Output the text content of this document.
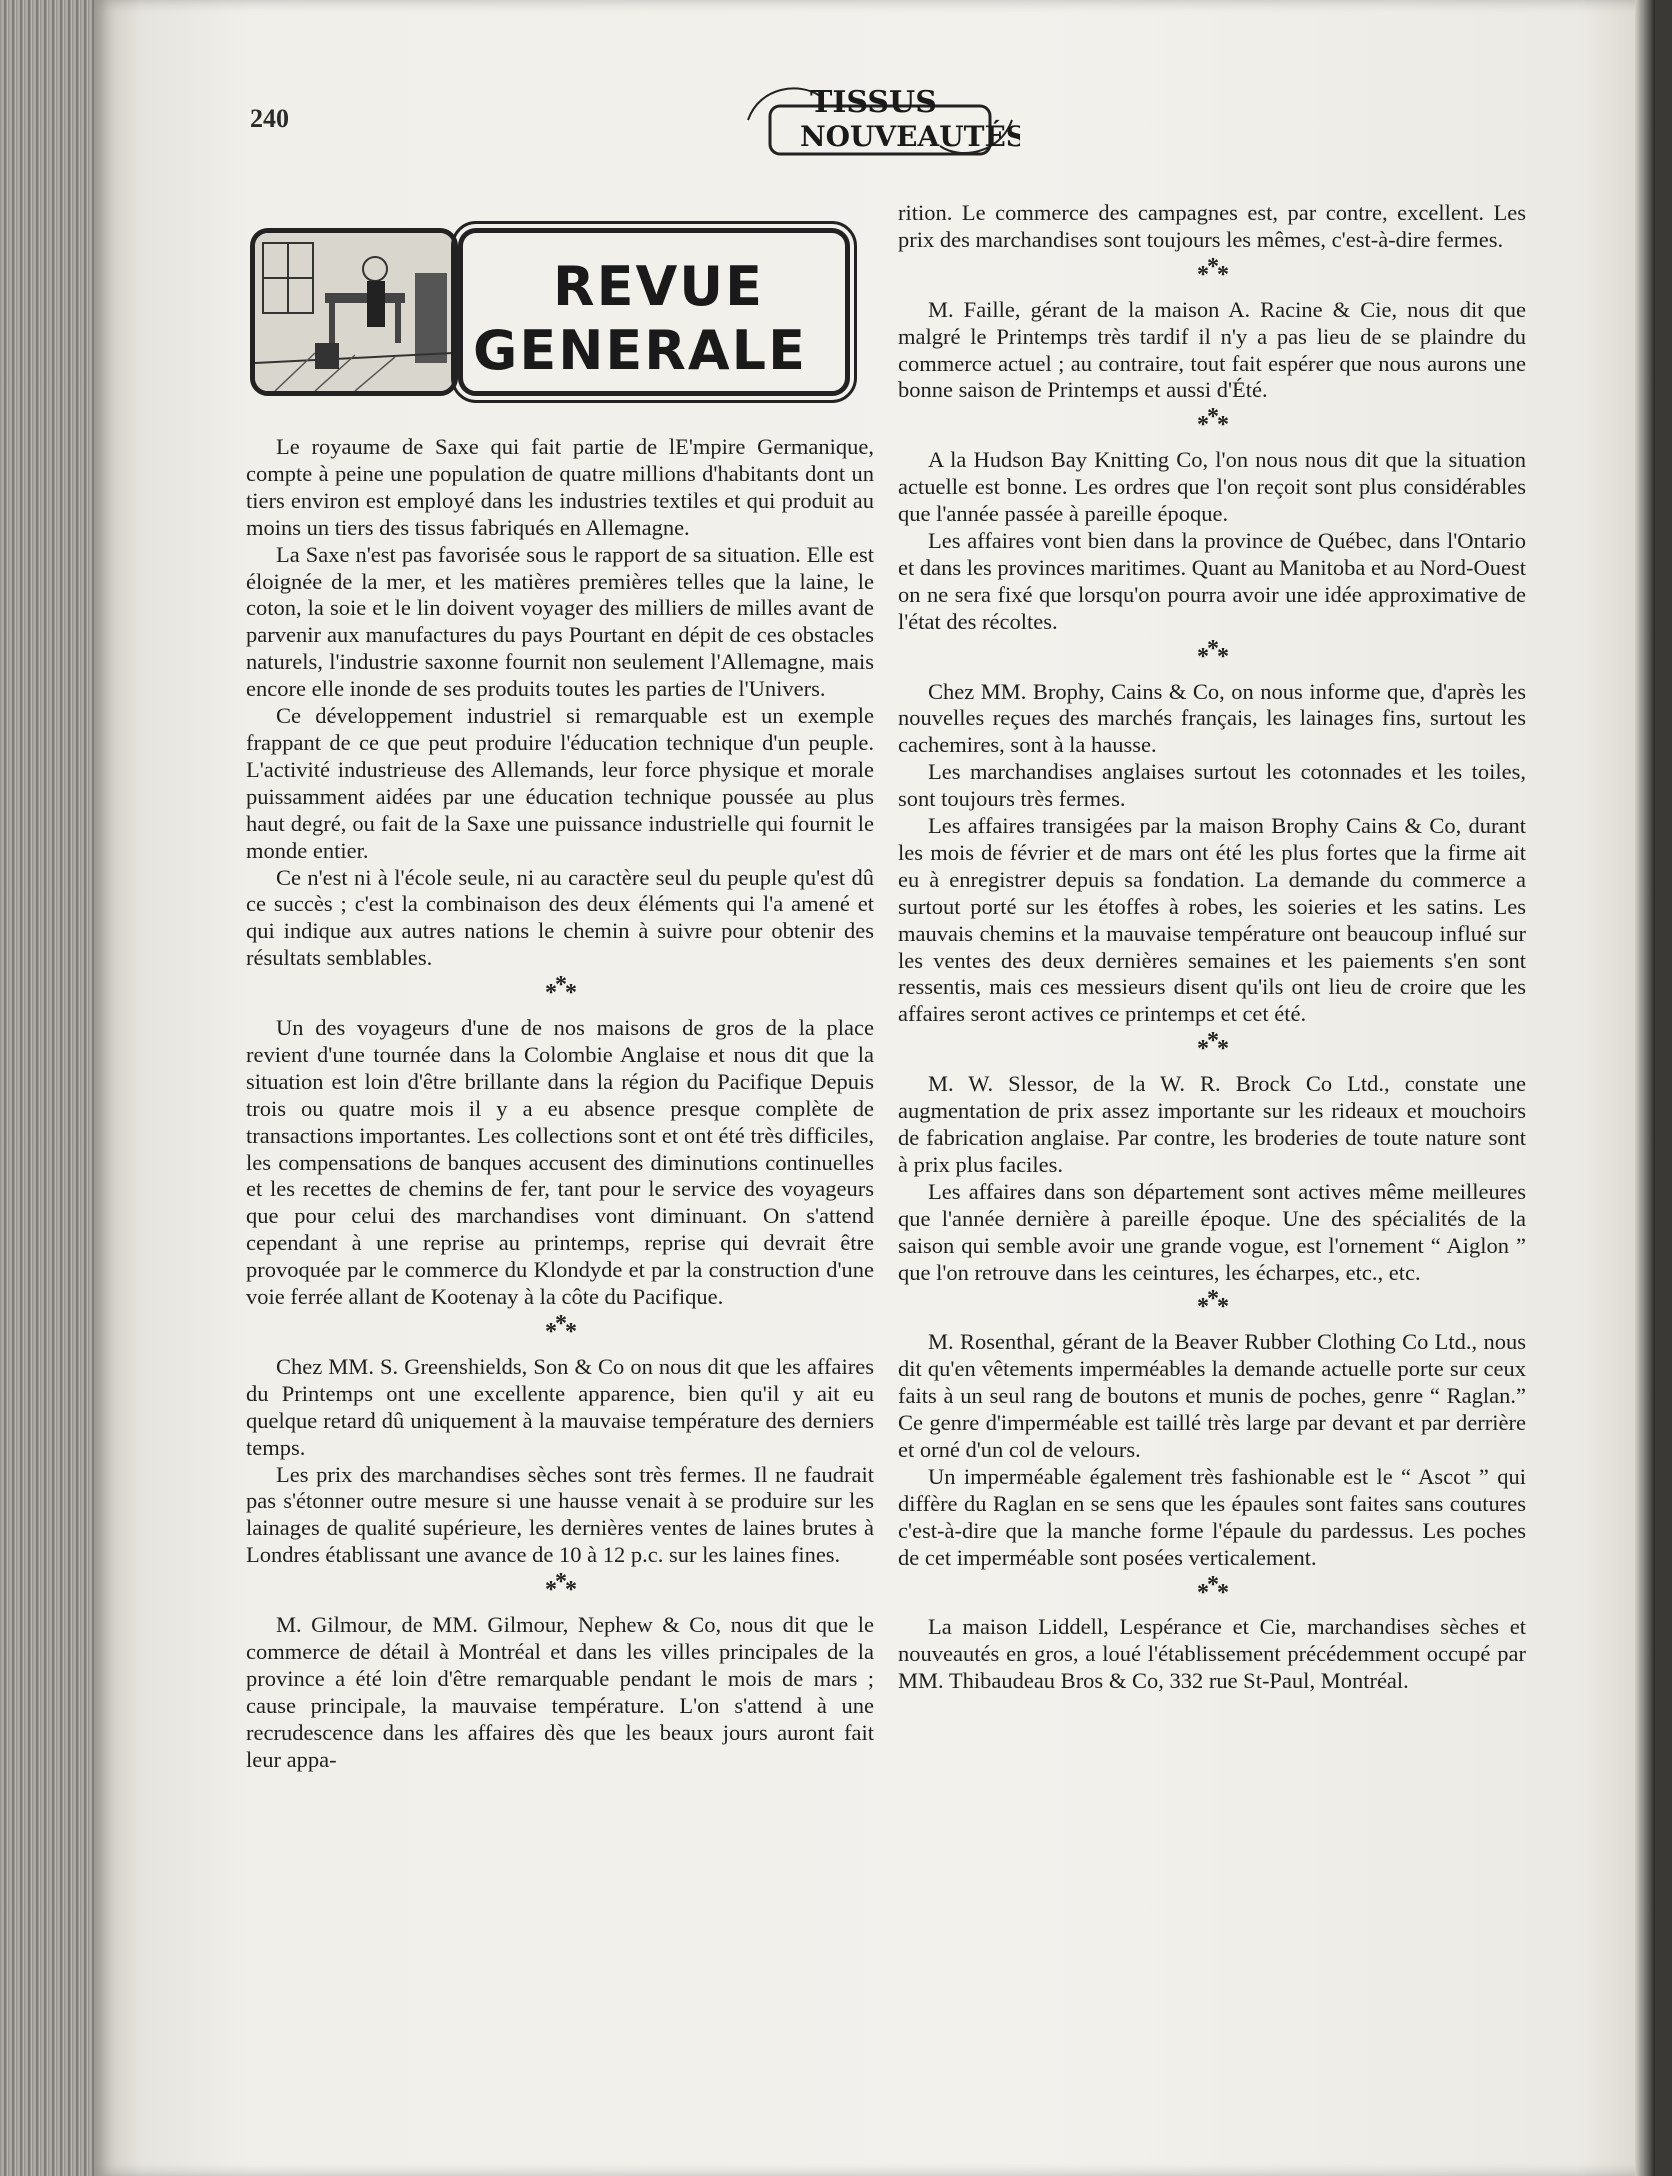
240	TISSUS
NOUVEAUTÉS
REVUE
GENERALE

Le royaume de Saxe qui fait partie de lE'mpire Germanique, compte à peine une population de quatre millions d'habitants dont un tiers environ est employé dans les industries textiles et qui produit au moins un tiers des tissus fabriqués en Allemagne.

La Saxe n'est pas favorisée sous le rapport de sa situation. Elle est éloignée de la mer, et les matières premières telles que la laine, le coton, la soie et le lin doivent voyager des milliers de milles avant de parvenir aux manufactures du pays Pourtant en dépit de ces obstacles naturels, l'industrie saxonne fournit non seulement l'Allemagne, mais encore elle inonde de ses produits toutes les parties de l'Univers.

Ce développement industriel si remarquable est un exemple frappant de ce que peut produire l'éducation technique d'un peuple. L'activité industrieuse des Allemands, leur force physique et morale puissamment aidées par une éducation technique poussée au plus haut degré, ou fait de la Saxe une puissance industrielle qui fournit le monde entier.

Ce n'est ni à l'école seule, ni au caractère seul du peuple qu'est dû ce succès ; c'est la combinaison des deux éléments qui l'a amené et qui indique aux autres nations le chemin à suivre pour obtenir des résultats semblables.

***

Un des voyageurs d'une de nos maisons de gros de la place revient d'une tournée dans la Colombie Anglaise et nous dit que la situation est loin d'être brillante dans la région du Pacifique Depuis trois ou quatre mois il y a eu absence presque complète de transactions importantes. Les collections sont et ont été très difficiles, les compensations de banques accusent des diminutions continuelles et les recettes de chemins de fer, tant pour le service des voyageurs que pour celui des marchandises vont diminuant. On s'attend cependant à une reprise au printemps, reprise qui devrait être provoquée par le commerce du Klondyde et par la construction d'une voie ferrée allant de Kootenay à la côte du Pacifique.

***

Chez MM. S. Greenshields, Son & Co on nous dit que les affaires du Printemps ont une excellente apparence, bien qu'il y ait eu quelque retard dû uniquement à la mauvaise température des derniers temps.

Les prix des marchandises sèches sont très fermes. Il ne faudrait pas s'étonner outre mesure si une hausse venait à se produire sur les lainages de qualité supérieure, les dernières ventes de laines brutes à Londres établissant une avance de 10 à 12 p.c. sur les laines fines.

***

M. Gilmour, de MM. Gilmour, Nephew & Co, nous dit que le commerce de détail à Montréal et dans les villes principales de la province a été loin d'être remarquable pendant le mois de mars ; cause principale, la mauvaise température. L'on s'attend à une recrudescence dans les affaires dès que les beaux jours auront fait leur appa-

rition. Le commerce des campagnes est, par contre, excellent. Les prix des marchandises sont toujours les mêmes, c'est-à-dire fermes.

***

M. Faille, gérant de la maison A. Racine & Cie, nous dit que malgré le Printemps très tardif il n'y a pas lieu de se plaindre du commerce actuel ; au contraire, tout fait espérer que nous aurons une bonne saison de Printemps et aussi d'Été.

***

A la Hudson Bay Knitting Co, l'on nous nous dit que la situation actuelle est bonne. Les ordres que l'on reçoit sont plus considérables que l'année passée à pareille époque.

Les affaires vont bien dans la province de Québec, dans l'Ontario et dans les provinces maritimes. Quant au Manitoba et au Nord-Ouest on ne sera fixé que lorsqu'on pourra avoir une idée approximative de l'état des récoltes.

***

Chez MM. Brophy, Cains & Co, on nous informe que, d'après les nouvelles reçues des marchés français, les lainages fins, surtout les cachemires, sont à la hausse.

Les marchandises anglaises surtout les cotonnades et les toiles, sont toujours très fermes.

Les affaires transigées par la maison Brophy Cains & Co, durant les mois de février et de mars ont été les plus fortes que la firme ait eu à enregistrer depuis sa fondation. La demande du commerce a surtout porté sur les étoffes à robes, les soieries et les satins. Les mauvais chemins et la mauvaise température ont beaucoup influé sur les ventes des deux dernières semaines et les paiements s'en sont ressentis, mais ces messieurs disent qu'ils ont lieu de croire que les affaires seront actives ce printemps et cet été.

***

M. W. Slessor, de la W. R. Brock Co Ltd., constate une augmentation de prix assez importante sur les rideaux et mouchoirs de fabrication anglaise. Par contre, les broderies de toute nature sont à prix plus faciles.

Les affaires dans son département sont actives même meilleures que l'année dernière à pareille époque. Une des spécialités de la saison qui semble avoir une grande vogue, est l'ornement “ Aiglon ” que l'on retrouve dans les ceintures, les écharpes, etc., etc.

***

M. Rosenthal, gérant de la Beaver Rubber Clothing Co Ltd., nous dit qu'en vêtements imperméables la demande actuelle porte sur ceux faits à un seul rang de boutons et munis de poches, genre “ Raglan.” Ce genre d'imperméable est taillé très large par devant et par derrière et orné d'un col de velours.

Un imperméable également très fashionable est le “ Ascot ” qui diffère du Raglan en se sens que les épaules sont faites sans coutures c'est-à-dire que la manche forme l'épaule du pardessus. Les poches de cet imperméable sont posées verticalement.

***

La maison Liddell, Lespérance et Cie, marchandises sèches et nouveautés en gros, a loué l'établissement précédemment occupé par MM. Thibaudeau Bros & Co, 332 rue St-Paul, Montréal.
